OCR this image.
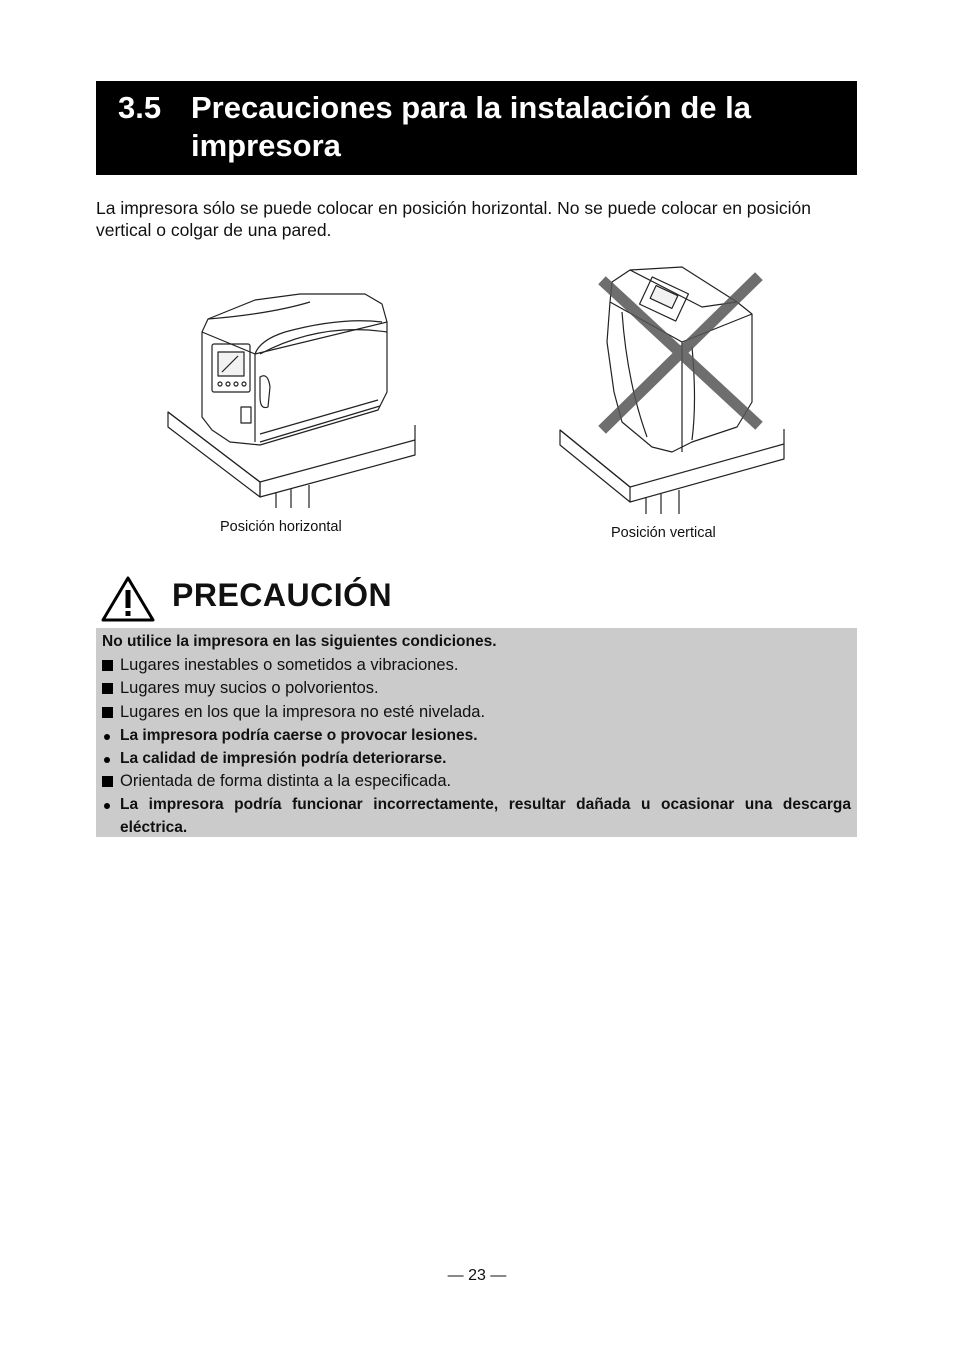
3.5 Precauciones para la instalación de la impresora

La impresora sólo se puede colocar en posición horizontal. No se puede colocar en posición vertical o colgar de una pared.

Posición horizontal	Posición vertical
PRECAUCIÓN
No utilice la impresora en las siguientes condiciones.
Lugares inestables o sometidos a vibraciones.
Lugares muy sucios o polvorientos.
Lugares en los que la impresora no esté nivelada.
La impresora podría caerse o provocar lesiones.
La calidad de impresión podría deteriorarse.
Orientada de forma distinta a la especificada.
La impresora podría funcionar incorrectamente, resultar dañada u ocasionar una descarga eléctrica.
— 23 —
